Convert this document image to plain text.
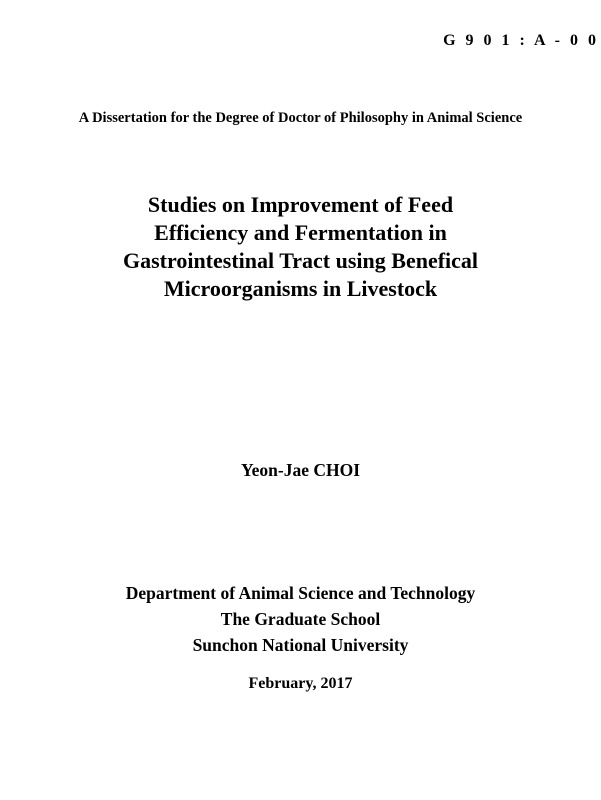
G 9 0 1 : A - 0 0
A Dissertation for the Degree of Doctor of Philosophy in Animal Science
Studies on Improvement of Feed
Efficiency and Fermentation in
Gastrointestinal Tract using Benefical
Microorganisms in Livestock
Yeon-Jae CHOI
Department of Animal Science and Technology
The Graduate School
Sunchon National University
February, 2017
